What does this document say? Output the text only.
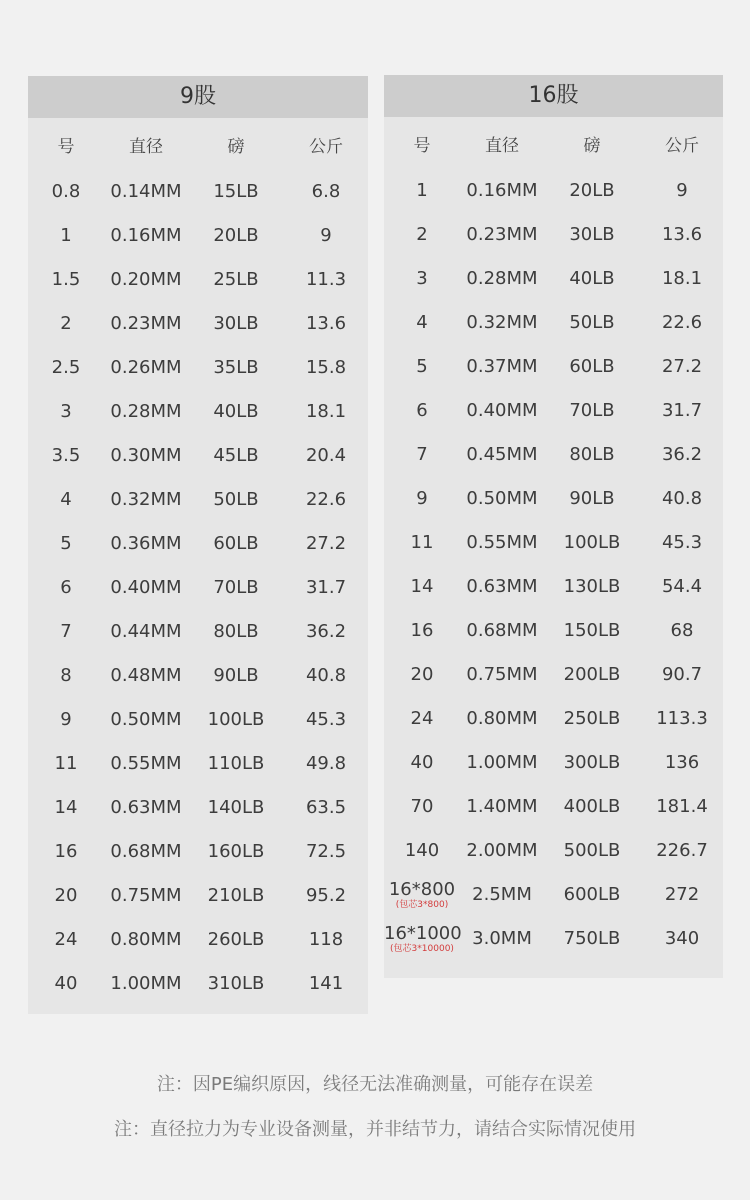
9股
号	直径	磅	公斤

0.8	0.14MM	15LB	6.8

1	0.16MM	20LB	9

1.5	0.20MM	25LB	11.3

2	0.23MM	30LB	13.6

2.5	0.26MM	35LB	15.8

3	0.28MM	40LB	18.1

3.5	0.30MM	45LB	20.4

4	0.32MM	50LB	22.6

5	0.36MM	60LB	27.2

6	0.40MM	70LB	31.7

7	0.44MM	80LB	36.2

8	0.48MM	90LB	40.8

9	0.50MM	100LB	45.3

11	0.55MM	110LB	49.8

14	0.63MM	140LB	63.5

16	0.68MM	160LB	72.5

20	0.75MM	210LB	95.2

24	0.80MM	260LB	118

40	1.00MM	310LB	141
16股
号	直径	磅	公斤

1	0.16MM	20LB	9

2	0.23MM	30LB	13.6

3	0.28MM	40LB	18.1

4	0.32MM	50LB	22.6

5	0.37MM	60LB	27.2

6	0.40MM	70LB	31.7

7	0.45MM	80LB	36.2

9	0.50MM	90LB	40.8

11	0.55MM	100LB	45.3

14	0.63MM	130LB	54.4

16	0.68MM	150LB	68

20	0.75MM	200LB	90.7

24	0.80MM	250LB	113.3

40	1.00MM	300LB	136

70	1.40MM	400LB	181.4

140	2.00MM	500LB	226.7

16*800
(包芯3*800)	2.5MM	600LB	272

16*1000
(包芯3*10000)	3.0MM	750LB	340
注：因PE编织原因，线径无法准确测量，可能存在误差
注：直径拉力为专业设备测量，并非结节力，请结合实际情况使用
